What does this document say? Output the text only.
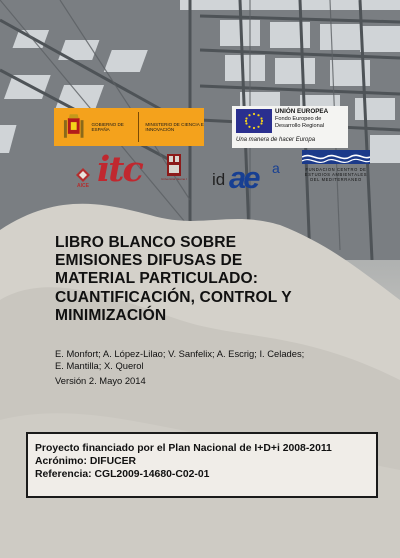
GOBIERNO DE ESPAÑA
MINISTERIO DE CIENCIA E INNOVACIÓN
UNIÓN EUROPEA
Fondo Europeo de Desarrollo Regional
Una manera de hacer Europa
AICE itc	Universitat Jaume I id ae a	FUNDACION CENTRO DE ESTUDIOS AMBIENTALES DEL MEDITERRANEO
LIBRO BLANCO SOBRE
EMISIONES DIFUSAS DE
MATERIAL PARTICULADO:
CUANTIFICACIÓN, CONTROL Y
MINIMIZACIÓN
E. Monfort; A. López-Lilao; V. Sanfelix; A. Escrig; I. Celades;
E. Mantilla; X. Querol
Versión 2. Mayo 2014
Proyecto financiado por el Plan Nacional de I+D+i 2008-2011
Acrónimo: DIFUCER
Referencia: CGL2009-14680-C02-01
